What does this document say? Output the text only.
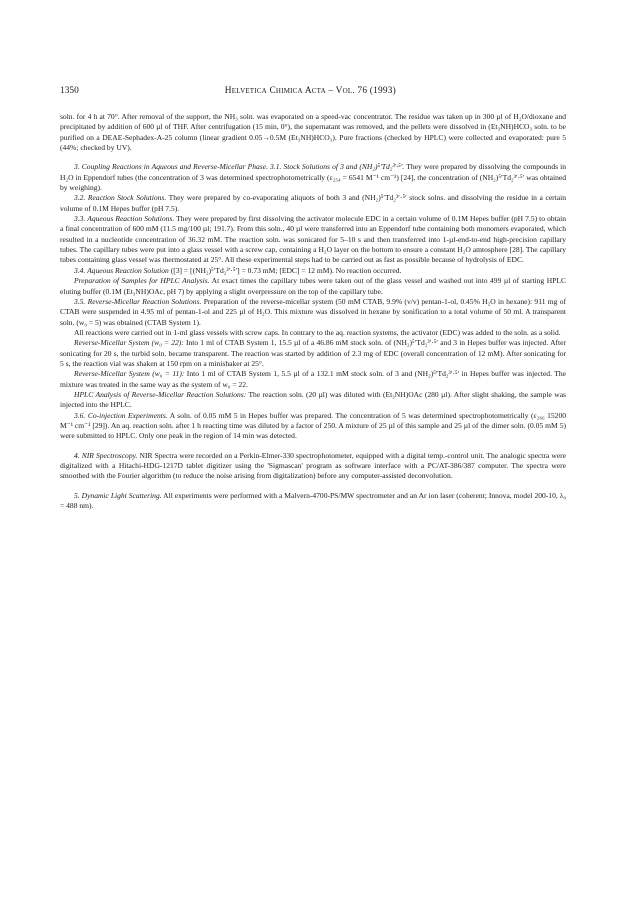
1350	Helvetica Chimica Acta – Vol. 76 (1993)

soln. for 4 h at 70°. After removal of the support, the NH₃ soln. was evaporated on a speed-vac concentrator. The residue was taken up in 300 µl of H₂O/dioxane and precipitated by addition of 600 µl of THF. After centrifugation (15 min, 0°), the supernatant was removed, and the pellets were dissolved in (Et₃NH)HCO₃ soln. to be purified on a DEAE-Sephadex-A-25 column (linear gradient 0.05→0.5M (Et₃NH)HCO₃). Pure fractions (checked by HPLC) were collected and evaporated: pure 5 (44%; checked by UV).

3. Coupling Reactions in Aqueous and Reverse-Micellar Phase. 3.1. Stock Solutions of 3 and (NH₂)⁵′Td₂³′·⁵′. They were prepared by dissolving the compounds in H₂O in Eppendorf tubes (the concentration of 3 was determined spectrophotometrically (ε₂₅₄ = 6541 M⁻¹ cm⁻¹) [24], the concentration of (NH₂)⁵′Td₂³′·⁵′ was obtained by weighing).

3.2. Reaction Stock Solutions. They were prepared by co-evaporating aliquots of both 3 and (NH₂)⁵′Td₂³′·⁵′ stock solns. and dissolving the residue in a certain volume of 0.1M Hepes buffer (pH 7.5).

3.3. Aqueous Reaction Solutions. They were prepared by first dissolving the activator molecule EDC in a certain volume of 0.1M Hepes buffer (pH 7.5) to obtain a final concentration of 600 mM (11.5 mg/100 µl; 191.7). From this soln., 40 µl were transferred into an Eppendorf tube containing both monomers evaporated, which resulted in a nucleotide concentration of 36.32 mM. The reaction soln. was sonicated for 5–10 s and then transferred into 1-µl-end-to-end high-precision capillary tubes. The capillary tubes were put into a glass vessel with a screw cap, containing a H₂O layer on the bottom to ensure a constant H₂O amtosphere [28]. The capillary tubes containing glass vessel was thermostated at 25°. All these experimental steps had to be carried out as fast as possible because of hydrolysis of EDC.

3.4. Aqueous Reaction Solution ([3] = [(NH₂)⁵′Td₂³′·⁵′] = 0.73 mM; [EDC] = 12 mM). No reaction occurred.

Preparation of Samples for HPLC Analysis. At exact times the capillary tubes were taken out of the glass vessel and washed out into 499 µl of starting HPLC eluting buffer (0.1M (Et₃NH)OAc, pH 7) by applying a slight overpressure on the top of the capillary tube.

3.5. Reverse-Micellar Reaction Solutions. Preparation of the reverse-micellar system (50 mM CTAB, 9.9% (v/v) pentan-1-ol, 0.45% H₂O in hexane): 911 mg of CTAB were suspended in 4.95 ml of pentan-1-ol and 225 µl of H₂O. This mixture was dissolved in hexane by sonification to a total volume of 50 ml. A transparent soln. (w₀ = 5) was obtained (CTAB System 1).

All reactions were carried out in 1-ml glass vessels with screw caps. In contrary to the aq. reaction systems, the activator (EDC) was added to the soln. as a solid.

Reverse-Micellar System (w₀ = 22): Into 1 ml of CTAB System 1, 15.5 µl of a 46.86 mM stock soln. of (NH₂)⁵′Td₂³′·⁵′ and 3 in Hepes buffer was injected. After sonicating for 20 s, the turbid soln. became transparent. The reaction was started by addition of 2.3 mg of EDC (overall concentration of 12 mM). After sonicating for 5 s, the reaction vial was shaken at 150 rpm on a minishaker at 25°.

Reverse-Micellar System (w₀ = 11): Into 1 ml of CTAB System 1, 5.5 µl of a 132.1 mM stock soln. of 3 and (NH₂)⁵′Td₂³′·⁵′ in Hepes buffer was injected. The mixture was treated in the same way as the system of w₀ = 22.

HPLC Analysis of Reverse-Micellar Reaction Solutions: The reaction soln. (20 µl) was diluted with (Et₃NH)OAc (280 µl). After slight shaking, the sample was injected into the HPLC.

3.6. Co-injection Experiments. A soln. of 0.05 mM 5 in Hepes buffer was prepared. The concentration of 5 was determined spectrophotometrically (ε₂₆₀ 15200 M⁻¹ cm⁻¹ [29]). An aq. reaction soln. after 1 h reacting time was diluted by a factor of 250. A mixture of 25 µl of this sample and 25 µl of the dimer soln. (0.05 mM 5) were submitted to HPLC. Only one peak in the region of 14 min was detected.

4. NIR Spectroscopy. NIR Spectra were recorded on a Perkin-Elmer-330 spectrophotometer, equipped with a digital temp.-control unit. The analogic spectra were digitalized with a Hitachi-HDG-1217D tablet digitizer using the 'Sigmascan' program as software interface with a PC/AT-386/387 computer. The spectra were smoothed with the Fourier algorithm (to reduce the noise arising from digitalization) before any computer-assisted deconvolution.

5. Dynamic Light Scattering. All experiments were performed with a Malvern-4700-PS/MW spectrometer and an Ar ion laser (coherent; Innova, model 200-10, λ₀ = 488 nm).
